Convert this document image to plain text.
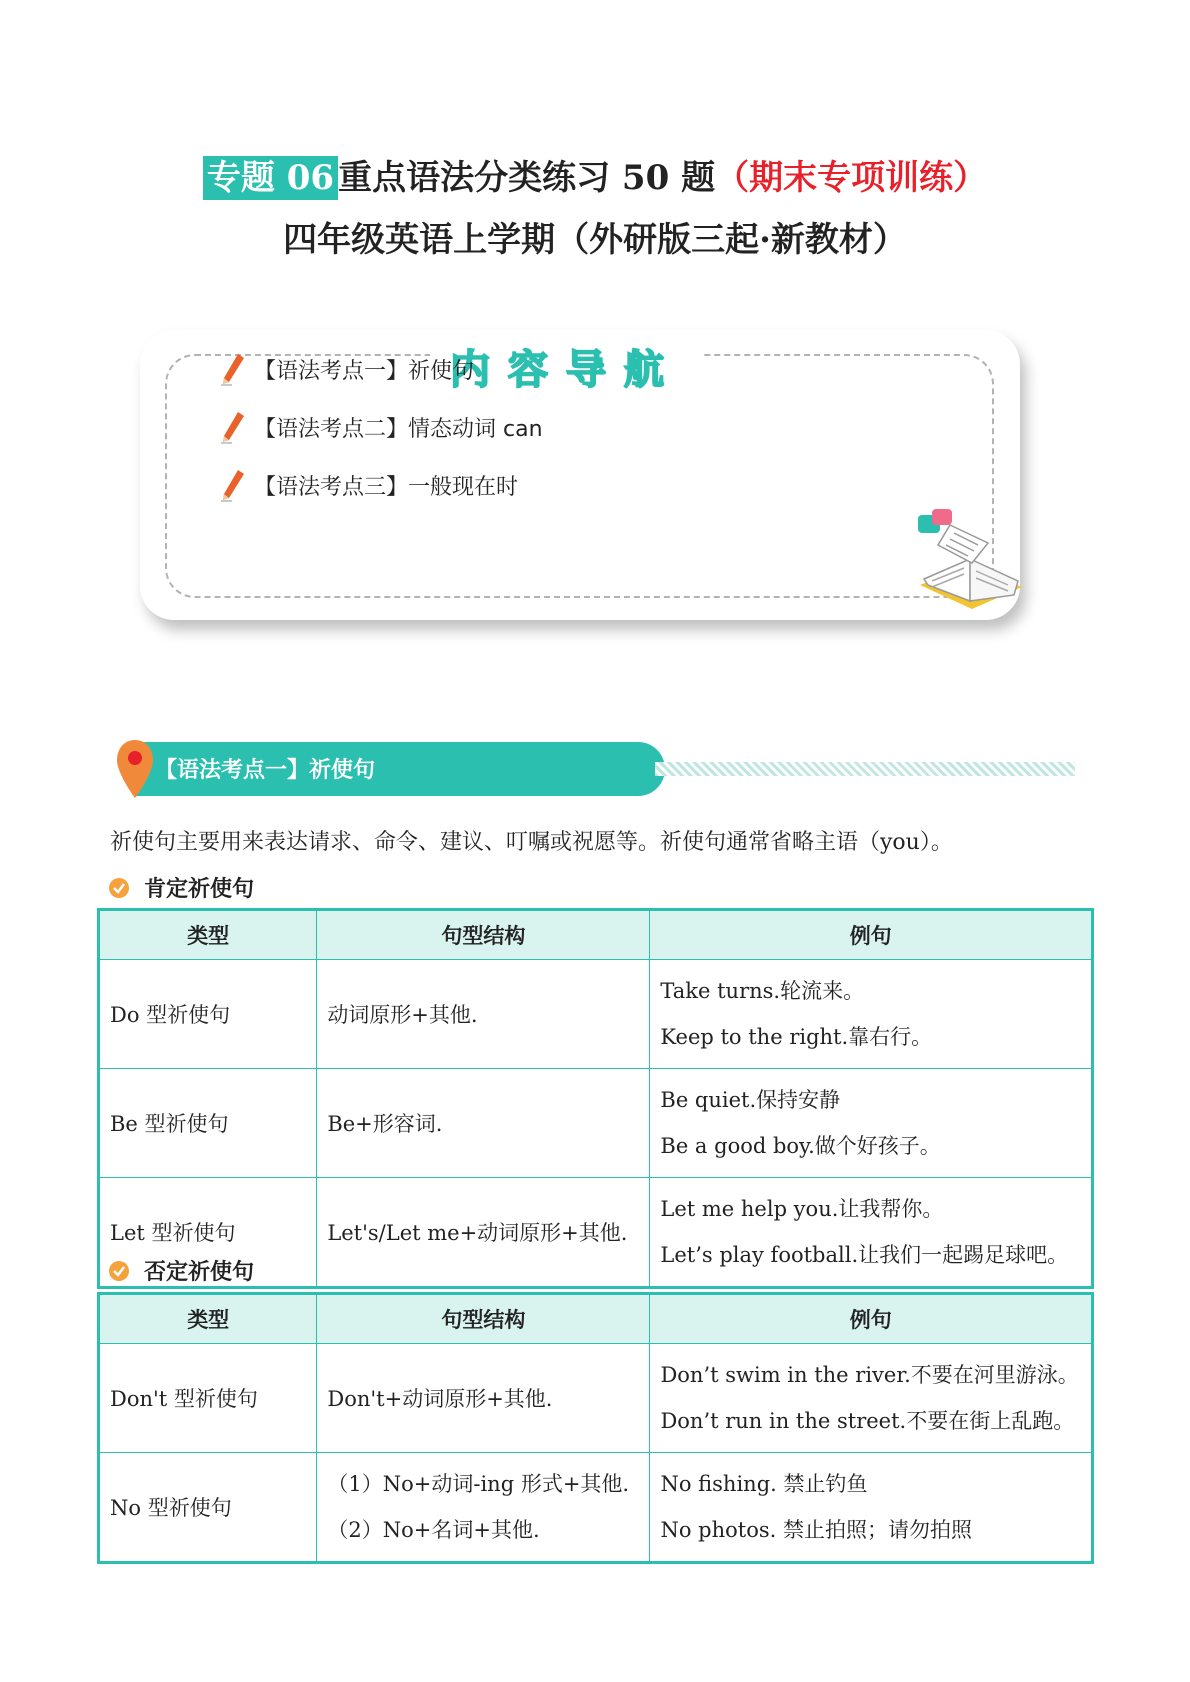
专题 06 重点语法分类练习 50 题（期末专项训练）
四年级英语上学期（外研版三起·新教材）
内容导航
【语法考点一】祈使句
【语法考点二】情态动词 can
【语法考点三】一般现在时
【语法考点一】祈使句
祈使句主要用来表达请求、命令、建议、叮嘱或祝愿等。祈使句通常省略主语（you）。
肯定祈使句
类型	句型结构	例句
Do 型祈使句	动词原形+其他.	Take turns.轮流来。
Keep to the right.靠右行。

Be 型祈使句	Be+形容词.	Be quiet.保持安静
Be a good boy.做个好孩子。

Let 型祈使句	Let's/Let me+动词原形+其他.	Let me help you.让我帮你。
Let’s play football.让我们一起踢足球吧。
否定祈使句
类型	句型结构	例句
Don't 型祈使句	Don't+动词原形+其他.	Don’t swim in the river.不要在河里游泳。
Don’t run in the street.不要在街上乱跑。

No 型祈使句	（1）No+动词-ing 形式+其他.
（2）No+名词+其他.	No fishing. 禁止钓鱼
No photos. 禁止拍照；请勿拍照
